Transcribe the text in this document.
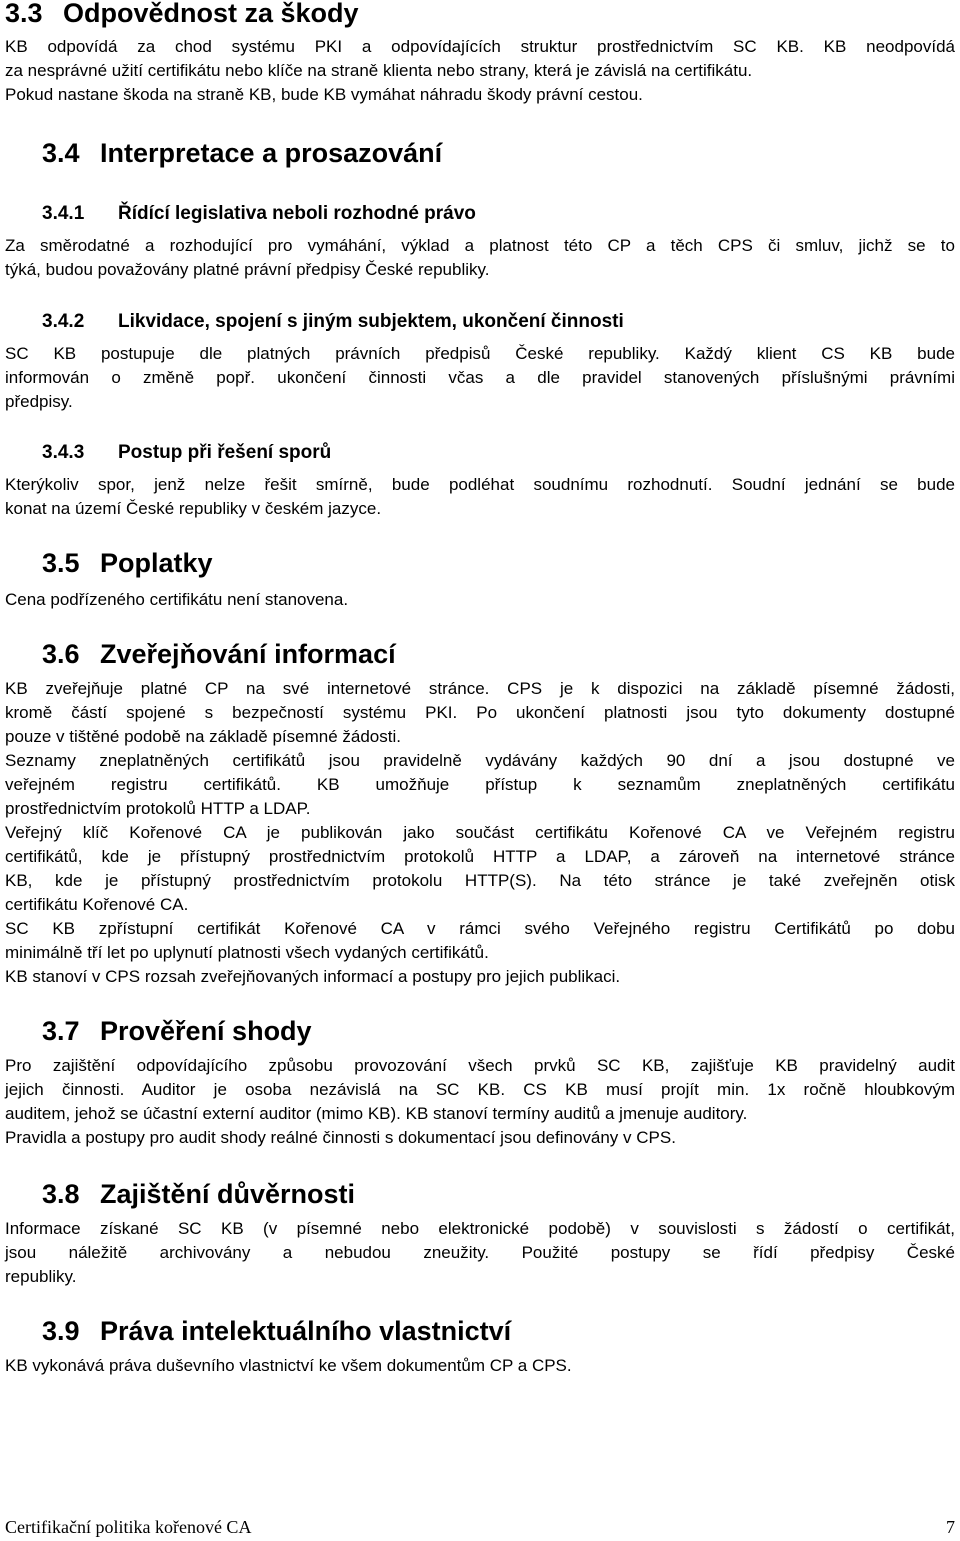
3.3 Odpovědnost za škody
KB odpovídá za chod systému PKI a odpovídajících struktur prostřednictvím SC KB. KB neodpovídá
za nesprávné užití certifikátu nebo klíče na straně klienta nebo strany, která je závislá na certifikátu.
Pokud nastane škoda na straně KB, bude KB vymáhat náhradu škody právní cestou.
3.4 Interpretace a prosazování
3.4.1 Řídící legislativa neboli rozhodné právo
Za směrodatné a rozhodující pro vymáhání, výklad a platnost této CP a těch CPS či smluv, jichž se to
týká, budou považovány platné právní předpisy České republiky.
3.4.2 Likvidace, spojení s jiným subjektem, ukončení činnosti
SC KB postupuje dle platných právních předpisů České republiky. Každý klient CS KB bude
informován o změně popř. ukončení činnosti včas a dle pravidel stanovených příslušnými právními
předpisy.
3.4.3 Postup při řešení sporů
Kterýkoliv spor, jenž nelze řešit smírně, bude podléhat soudnímu rozhodnutí. Soudní jednání se bude
konat na území České republiky v českém jazyce.
3.5 Poplatky
Cena podřízeného certifikátu není stanovena.
3.6 Zveřejňování informací
KB zveřejňuje platné CP na své internetové stránce. CPS je k dispozici na základě písemné žádosti,
kromě částí spojené s bezpečností systému PKI. Po ukončení platnosti jsou tyto dokumenty dostupné
pouze v tištěné podobě na základě písemné žádosti.
Seznamy zneplatněných certifikátů jsou pravidelně vydávány každých 90 dní a jsou dostupné ve
veřejném registru certifikátů. KB umožňuje přístup k seznamům zneplatněných certifikátu
prostřednictvím protokolů HTTP a LDAP.
Veřejný klíč Kořenové CA je publikován jako součást certifikátu Kořenové CA ve Veřejném registru
certifikátů, kde je přístupný prostřednictvím protokolů HTTP a LDAP, a zároveň na internetové stránce
KB, kde je přístupný prostřednictvím protokolu HTTP(S). Na této stránce je také zveřejněn otisk
certifikátu Kořenové CA.
SC KB zpřístupní certifikát Kořenové CA v rámci svého Veřejného registru Certifikátů po dobu
minimálně tří let po uplynutí platnosti všech vydaných certifikátů.
KB stanoví v CPS rozsah zveřejňovaných informací a postupy pro jejich publikaci.
3.7 Prověření shody
Pro zajištění odpovídajícího způsobu provozování všech prvků SC KB, zajišťuje KB pravidelný audit
jejich činnosti. Auditor je osoba nezávislá na SC KB. CS KB musí projít min. 1x ročně hloubkovým
auditem, jehož se účastní externí auditor (mimo KB). KB stanoví termíny auditů a jmenuje auditory.
Pravidla a postupy pro audit shody reálné činnosti s dokumentací jsou definovány v CPS.
3.8 Zajištění důvěrnosti
Informace získané SC KB (v písemné nebo elektronické podobě) v souvislosti s žádostí o certifikát,
jsou náležitě archivovány a nebudou zneužity. Použité postupy se řídí předpisy České
republiky.
3.9 Práva intelektuálního vlastnictví
KB vykonává práva duševního vlastnictví ke všem dokumentům CP a CPS.
Certifikační politika kořenové CA	7
